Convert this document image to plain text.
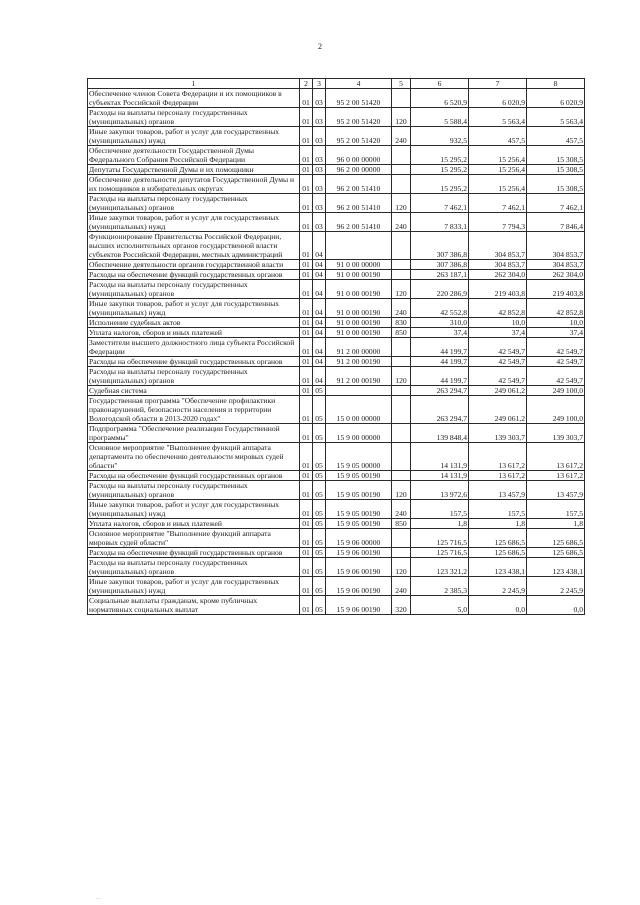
2
1	2	3	4	5	6	7	8
Обеспечение членов Совета Федерации и их помощников в субъектах Российской Федерации	01	03	95 2 00 51420		6 520,9	6 020,9	6 020,9
Расходы на выплаты персоналу государственных (муниципальных) органов	01	03	95 2 00 51420	120	5 588,4	5 563,4	5 563,4
Иные закупки товаров, работ и услуг для государственных (муниципальных) нужд	01	03	95 2 00 51420	240	932,5	457,5	457,5
Обеспечение деятельности Государственной Думы Федерального Собрания Российской Федерации	01	03	96 0 00 00000		15 295,2	15 256,4	15 308,5
Депутаты Государственной Думы и их помощники	01	03	96 2 00 00000		15 295,2	15 256,4	15 308,5
Обеспечение деятельности депутатов Государственной Думы и их помощников в избирательных округах	01	03	96 2 00 51410		15 295,2	15 256,4	15 308,5
Расходы на выплаты персоналу государственных (муниципальных) органов	01	03	96 2 00 51410	120	7 462,1	7 462,1	7 462,1
Иные закупки товаров, работ и услуг для государственных (муниципальных) нужд	01	03	96 2 00 51410	240	7 833,1	7 794,3	7 846,4
Функционирование Правительства Российской Федерации, высших исполнительных органов государственной власти субъектов Российской Федерации, местных администраций	01	04			307 386,8	304 853,7	304 853,7
Обеспечение деятельности органов государственной власти	01	04	91 0 00 00000		307 386,8	304 853,7	304 853,7
Расходы на обеспечение функций государственных органов	01	04	91 0 00 00190		263 187,1	262 304,0	262 304,0
Расходы на выплаты персоналу государственных (муниципальных) органов	01	04	91 0 00 00190	120	220 286,9	219 403,8	219 403,8
Иные закупки товаров, работ и услуг для государственных (муниципальных) нужд	01	04	91 0 00 00190	240	42 552,8	42 852,8	42 852,8
Исполнение судебных актов	01	04	91 0 00 00190	830	310,0	10,0	10,0
Уплата налогов, сборов и иных платежей	01	04	91 0 00 00190	850	37,4	37,4	37,4
Заместители высшего должностного лица субъекта Российской Федерации	01	04	91 2 00 00000		44 199,7	42 549,7	42 549,7
Расходы на обеспечение функций государственных органов	01	04	91 2 00 00190		44 199,7	42 549,7	42 549,7
Расходы на выплаты персоналу государственных (муниципальных) органов	01	04	91 2 00 00190	120	44 199,7	42 549,7	42 549,7
Судебная система	01	05			263 294,7	249 061,2	249 100,0
Государственная программа "Обеспечение профилактики правонарушений, безопасности населения и территории Вологодской области в 2013-2020 годах"	01	05	15 0 00 00000		263 294,7	249 061,2	249 100,0
Подпрограмма "Обеспечение реализации Государственной программы"	01	05	15 9 00 00000		139 848,4	139 303,7	139 303,7
Основное мероприятие "Выполнение функций аппарата департамента по обеспечению деятельности мировых судей области"	01	05	15 9 05 00000		14 131,9	13 617,2	13 617,2
Расходы на обеспечение функций государственных органов	01	05	15 9 05 00190		14 131,9	13 617,2	13 617,2
Расходы на выплаты персоналу государственных (муниципальных) органов	01	05	15 9 05 00190	120	13 972,6	13 457,9	13 457,9
Иные закупки товаров, работ и услуг для государственных (муниципальных) нужд	01	05	15 9 05 00190	240	157,5	157,5	157,5
Уплата налогов, сборов и иных платежей	01	05	15 9 05 00190	850	1,8	1,8	1,8
Основное мероприятие "Выполнение функций аппарата мировых судей области"	01	05	15 9 06 00000		125 716,5	125 686,5	125 686,5
Расходы на обеспечение функций государственных органов	01	05	15 9 06 00190		125 716,5	125 686,5	125 686,5
Расходы на выплаты персоналу государственных (муниципальных) органов	01	05	15 9 06 00190	120	123 321,2	123 438,1	123 438,1
Иные закупки товаров, работ и услуг для государственных (муниципальных) нужд	01	05	15 9 06 00190	240	2 385,3	2 245,9	2 245,9
Социальные выплаты гражданам, кроме публичных нормативных социальных выплат	01	05	15 9 06 00190	320	5,0	0,0	0,0
...
